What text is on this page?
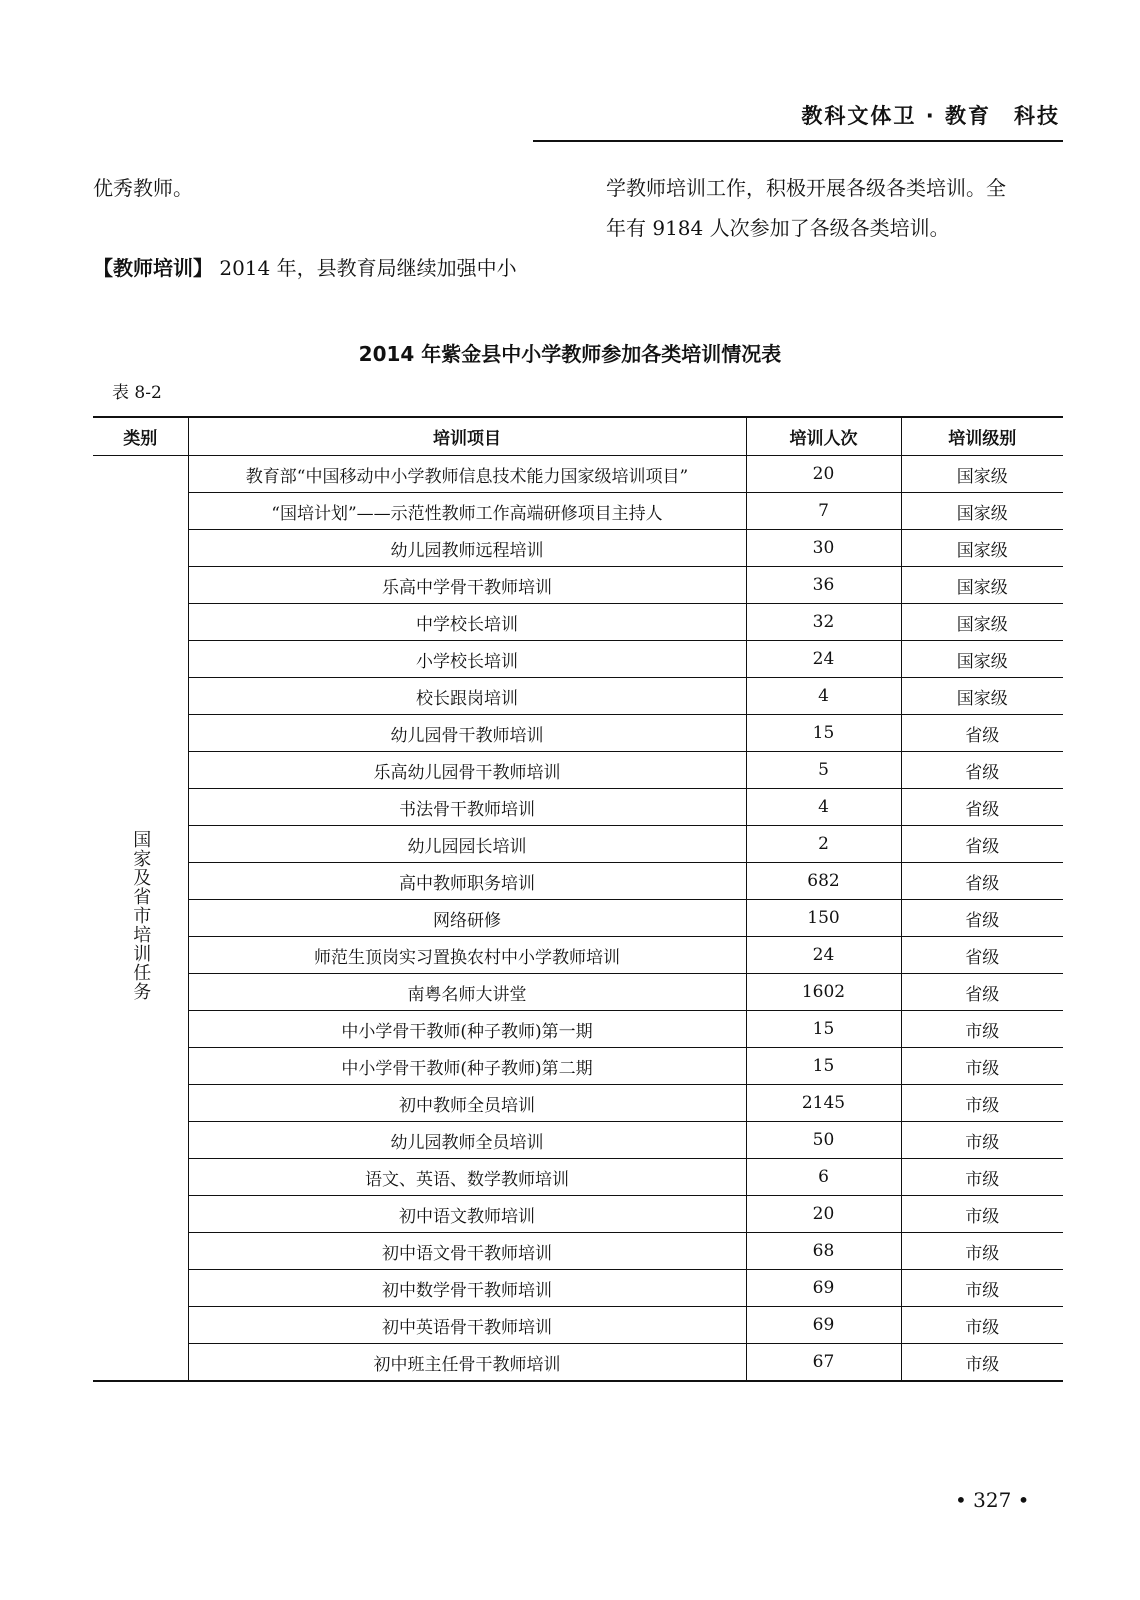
教科文体卫 · 教育　科技
优秀教师。
【教师培训】 2014 年，县教育局继续加强中小
学教师培训工作，积极开展各级各类培训。全
年有 9184 人次参加了各级各类培训。
2014 年紫金县中小学教师参加各类培训情况表
表 8-2
类别	培训项目	培训人次	培训级别
国家及省市培训任务	教育部“中国移动中小学教师信息技术能力国家级培训项目”	20	国家级
	“国培计划”——示范性教师工作高端研修项目主持人	7	国家级
	幼儿园教师远程培训	30	国家级
	乐高中学骨干教师培训	36	国家级
	中学校长培训	32	国家级
	小学校长培训	24	国家级
	校长跟岗培训	4	国家级
	幼儿园骨干教师培训	15	省级
	乐高幼儿园骨干教师培训	5	省级
	书法骨干教师培训	4	省级
	幼儿园园长培训	2	省级
	高中教师职务培训	682	省级
	网络研修	150	省级
	师范生顶岗实习置换农村中小学教师培训	24	省级
	南粤名师大讲堂	1602	省级
	中小学骨干教师(种子教师)第一期	15	市级
	中小学骨干教师(种子教师)第二期	15	市级
	初中教师全员培训	2145	市级
	幼儿园教师全员培训	50	市级
	语文、英语、数学教师培训	6	市级
	初中语文教师培训	20	市级
	初中语文骨干教师培训	68	市级
	初中数学骨干教师培训	69	市级
	初中英语骨干教师培训	69	市级
	初中班主任骨干教师培训	67	市级
• 327 •
